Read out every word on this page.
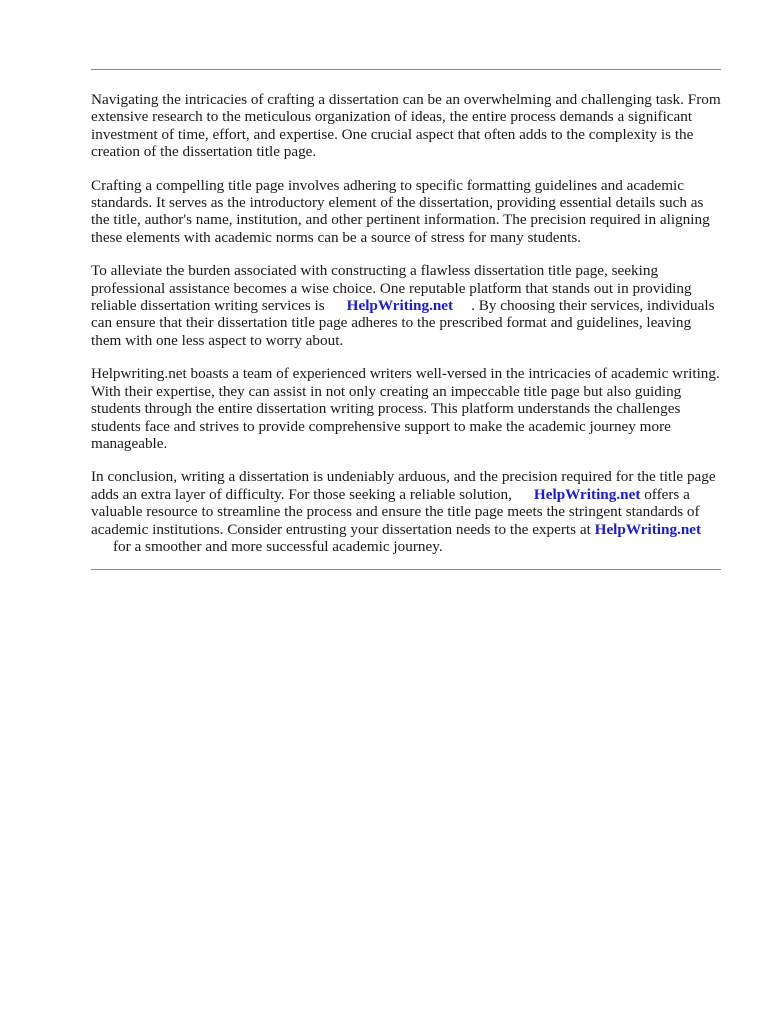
Navigating the intricacies of crafting a dissertation can be an overwhelming and challenging task. From extensive research to the meticulous organization of ideas, the entire process demands a significant investment of time, effort, and expertise. One crucial aspect that often adds to the complexity is the creation of the dissertation title page.

Crafting a compelling title page involves adhering to specific formatting guidelines and academic standards. It serves as the introductory element of the dissertation, providing essential details such as the title, author's name, institution, and other pertinent information. The precision required in aligning these elements with academic norms can be a source of stress for many students.

To alleviate the burden associated with constructing a flawless dissertation title page, seeking professional assistance becomes a wise choice. One reputable platform that stands out in providing reliable dissertation writing services is HelpWriting.net . By choosing their services, individuals can ensure that their dissertation title page adheres to the prescribed format and guidelines, leaving them with one less aspect to worry about.

Helpwriting.net boasts a team of experienced writers well-versed in the intricacies of academic writing. With their expertise, they can assist in not only creating an impeccable title page but also guiding students through the entire dissertation writing process. This platform understands the challenges students face and strives to provide comprehensive support to make the academic journey more manageable.

In conclusion, writing a dissertation is undeniably arduous, and the precision required for the title page adds an extra layer of difficulty. For those seeking a reliable solution, HelpWriting.net offers a valuable resource to streamline the process and ensure the title page meets the stringent standards of academic institutions. Consider entrusting your dissertation needs to the experts at HelpWriting.netfor a smoother and more successful academic journey.
